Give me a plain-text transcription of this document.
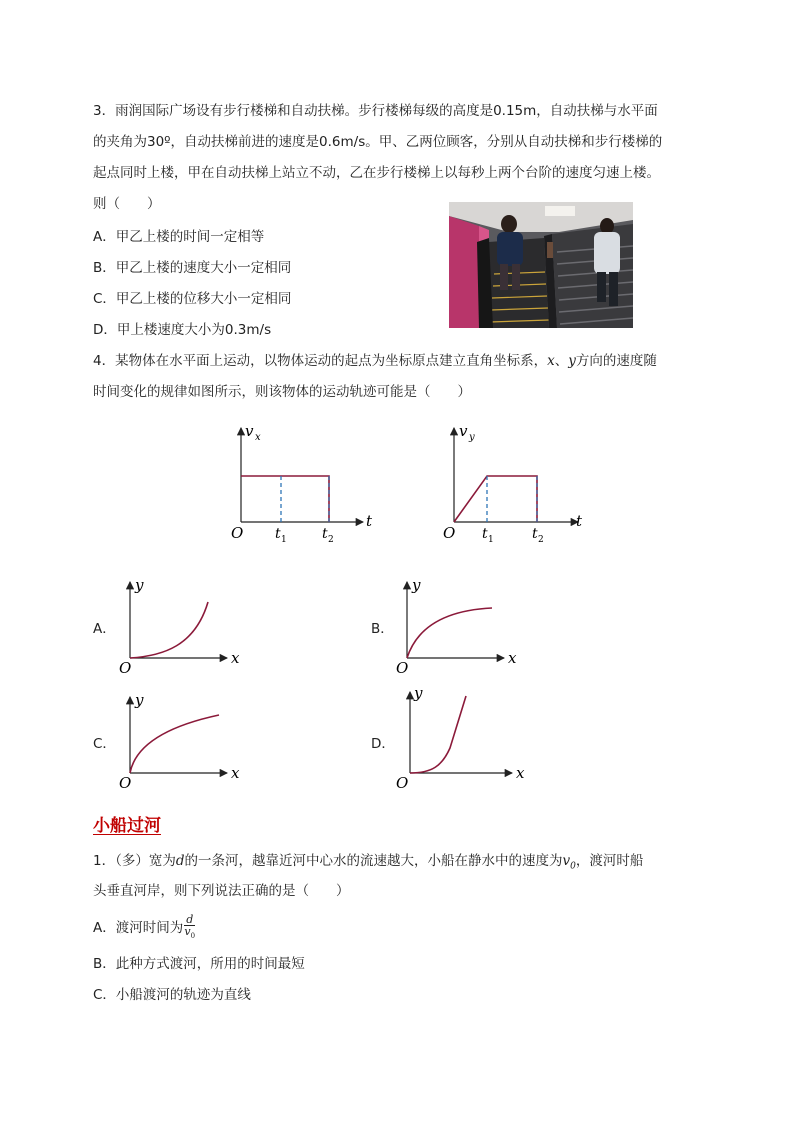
3．雨润国际广场设有步行楼梯和自动扶梯。步行楼梯每级的高度是0.15m，自动扶梯与水平面
的夹角为30º，自动扶梯前进的速度是0.6m/s。甲、乙两位顾客，分别从自动扶梯和步行楼梯的
起点同时上楼，甲在自动扶梯上站立不动，乙在步行楼梯上以每秒上两个台阶的速度匀速上楼。
则（　　）
A．甲乙上楼的时间一定相等
B．甲乙上楼的速度大小一定相同
C．甲乙上楼的位移大小一定相同
D．甲上楼速度大小为0.3m/s
4．某物体在水平面上运动，以物体运动的起点为坐标原点建立直角坐标系，x、y方向的速度随
时间变化的规律如图所示，则该物体的运动轨迹可能是（　　）
v x
O
t
t 1	t 2
v y
O
t
t 1	t 2
A．
y
x
O
B．
y
x
O
C．
y
x
O
D．
y
x
O
小船过河
1．（多）宽为d的一条河，越靠近河中心水的流速越大，小船在静水中的速度为$v_0$，渡河时船
头垂直河岸，则下列说法正确的是（　　）
A．渡河时间为 $\frac{d}{v_0}$
B．此种方式渡河，所用的时间最短
C．小船渡河的轨迹为直线
